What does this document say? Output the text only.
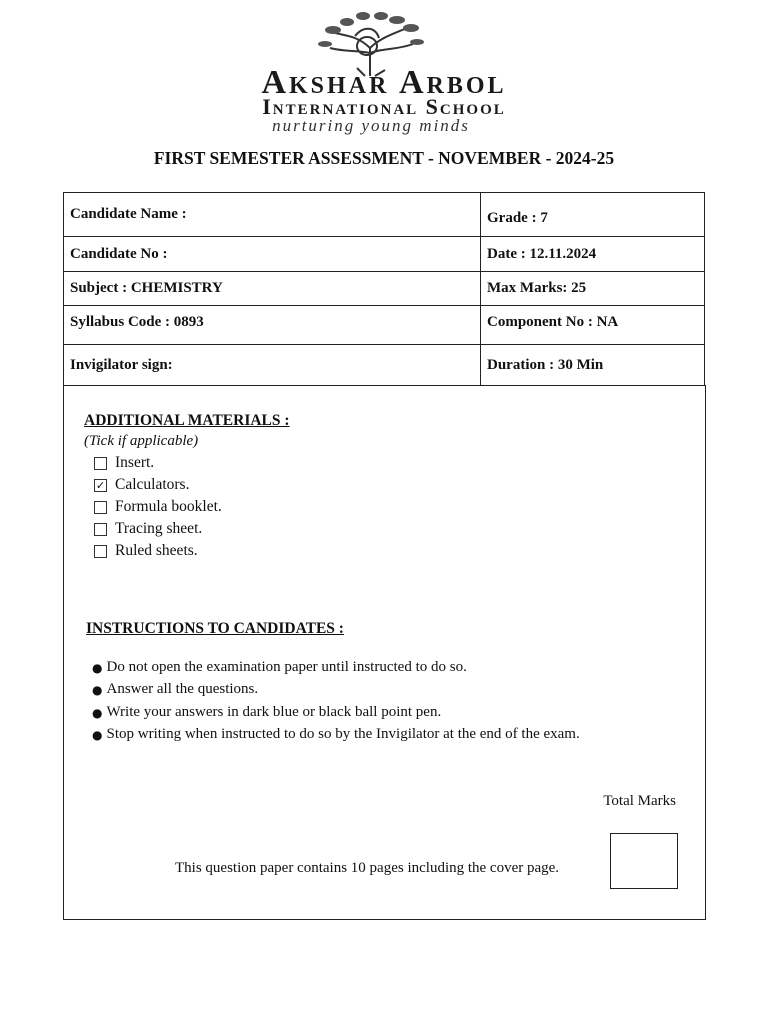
Akshar Arbol
International School
nurturing young minds
FIRST SEMESTER ASSESSMENT - NOVEMBER - 2024-25
Candidate Name :	Grade : 7
Candidate No :	Date : 12.11.2024
Subject : CHEMISTRY	Max Marks: 25
Syllabus Code : 0893	Component No : NA
Invigilator sign:	Duration : 30 Min
ADDITIONAL MATERIALS :
(Tick if applicable)
Insert.
✓ Calculators.
Formula booklet.
Tracing sheet.
Ruled sheets.
INSTRUCTIONS TO CANDIDATES :
● Do not open the examination paper until instructed to do so.
● Answer all the questions.
● Write your answers in dark blue or black ball point pen.
● Stop writing when instructed to do so by the Invigilator at the end of the exam.
Total Marks
This question paper contains 10 pages including the cover page.
